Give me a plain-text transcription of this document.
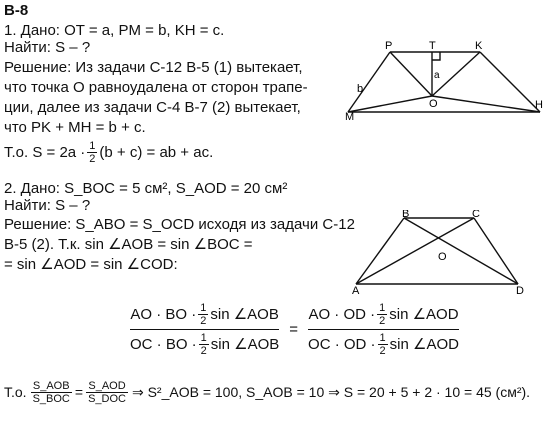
В-8
1. Дано: OT = a, PM = b, KH = c.
Найти: S – ?
Решение: Из задачи С-12 В-5 (1) вытекает,
что точка O равноудалена от сторон трапе-
ции, далее из задачи С-4 В-7 (2) вытекает,
что PK + MH = b + c.
Т.о. $S = 2a \cdot \frac{1}{2} (b + c)$ = ab + ac.
P	T	K
M
O	H
a
b
2. Дано: S_BOC = 5 см², S_AOD = 20 см²
Найти: S – ?
Решение: S_ABO = S_OCD исходя из задачи С-12
В-5 (2). Т.к. sin ∠AOB = sin ∠BOC =
= sin ∠AOD = sin ∠COD:
B	C
A	D
O
AO · BO · $\frac{1}{2}$ sin ∠AOB
OC · BO · $\frac{1}{2}$ sin ∠AOB
=
AO · OD · $\frac{1}{2}$ sin ∠AOD
OC · OD · $\frac{1}{2}$ sin ∠AOD
Т.о. $\frac{\text{S\_AOB}}{\text{S\_BOC}} = \frac{\text{S\_AOD}}{\text{S\_DOC}}$ ⇒ S²_AOB = 100, S_AOB = 10 ⇒ S = 20 + 5 + 2 · 10 = 45 (см²).
